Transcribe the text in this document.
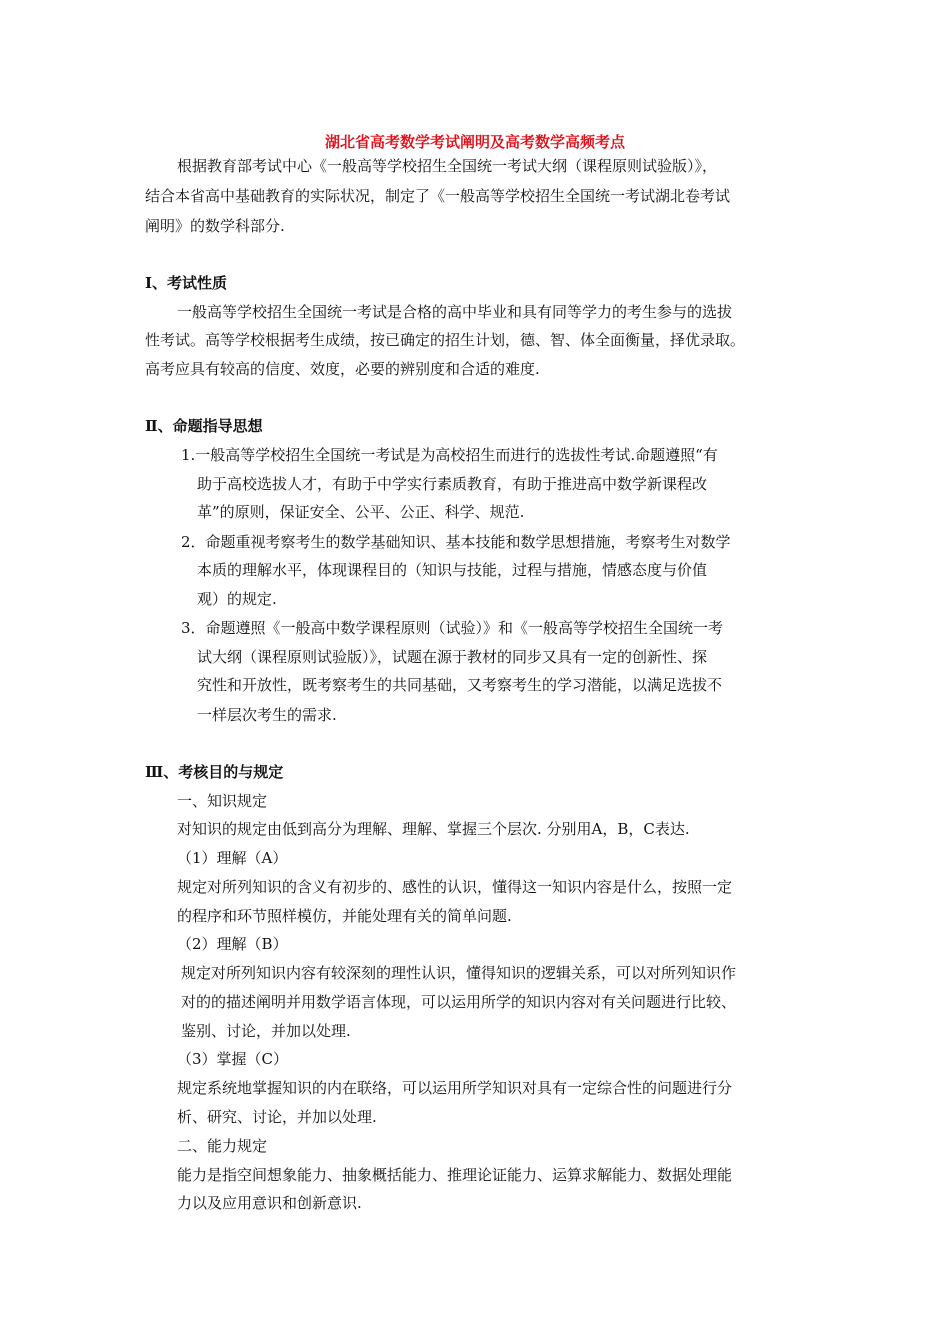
湖北省高考数学考试阐明及高考数学高频考点
根据教育部考试中心《一般高等学校招生全国统一考试大纲（课程原则试验版）》，
结合本省高中基础教育的实际状况，制定了《一般高等学校招生全国统一考试湖北卷考试
阐明》的数学科部分.
Ⅰ、考试性质
一般高等学校招生全国统一考试是合格的高中毕业和具有同等学力的考生参与的选拔
性考试。高等学校根据考生成绩，按已确定的招生计划，德、智、体全面衡量，择优录取。
高考应具有较高的信度、效度，必要的辨别度和合适的难度.
Ⅱ、命题指导思想
1.一般高等学校招生全国统一考试是为高校招生而进行的选拔性考试.命题遵照“有
助于高校选拔人才，有助于中学实行素质教育，有助于推进高中数学新课程改
革”的原则，保证安全、公平、公正、科学、规范.
2．命题重视考察考生的数学基础知识、基本技能和数学思想措施，考察考生对数学
本质的理解水平，体现课程目的（知识与技能，过程与措施，情感态度与价值
观）的规定.
3．命题遵照《一般高中数学课程原则（试验）》和《一般高等学校招生全国统一考
试大纲（课程原则试验版）》，试题在源于教材的同步又具有一定的创新性、探
究性和开放性，既考察考生的共同基础，又考察考生的学习潜能，以满足选拔不
一样层次考生的需求.
Ⅲ、考核目的与规定
一、知识规定
对知识的规定由低到高分为理解、理解、掌握三个层次. 分别用A，B，C表达.
（1）理解（A）
规定对所列知识的含义有初步的、感性的认识，懂得这一知识内容是什么，按照一定
的程序和环节照样模仿，并能处理有关的简单问题.
（2）理解（B）
规定对所列知识内容有较深刻的理性认识，懂得知识的逻辑关系，可以对所列知识作
对的的描述阐明并用数学语言体现，可以运用所学的知识内容对有关问题进行比较、
鉴别、讨论，并加以处理.
（3）掌握（C）
规定系统地掌握知识的内在联络，可以运用所学知识对具有一定综合性的问题进行分
析、研究、讨论，并加以处理.
二、能力规定
能力是指空间想象能力、抽象概括能力、推理论证能力、运算求解能力、数据处理能
力以及应用意识和创新意识.
